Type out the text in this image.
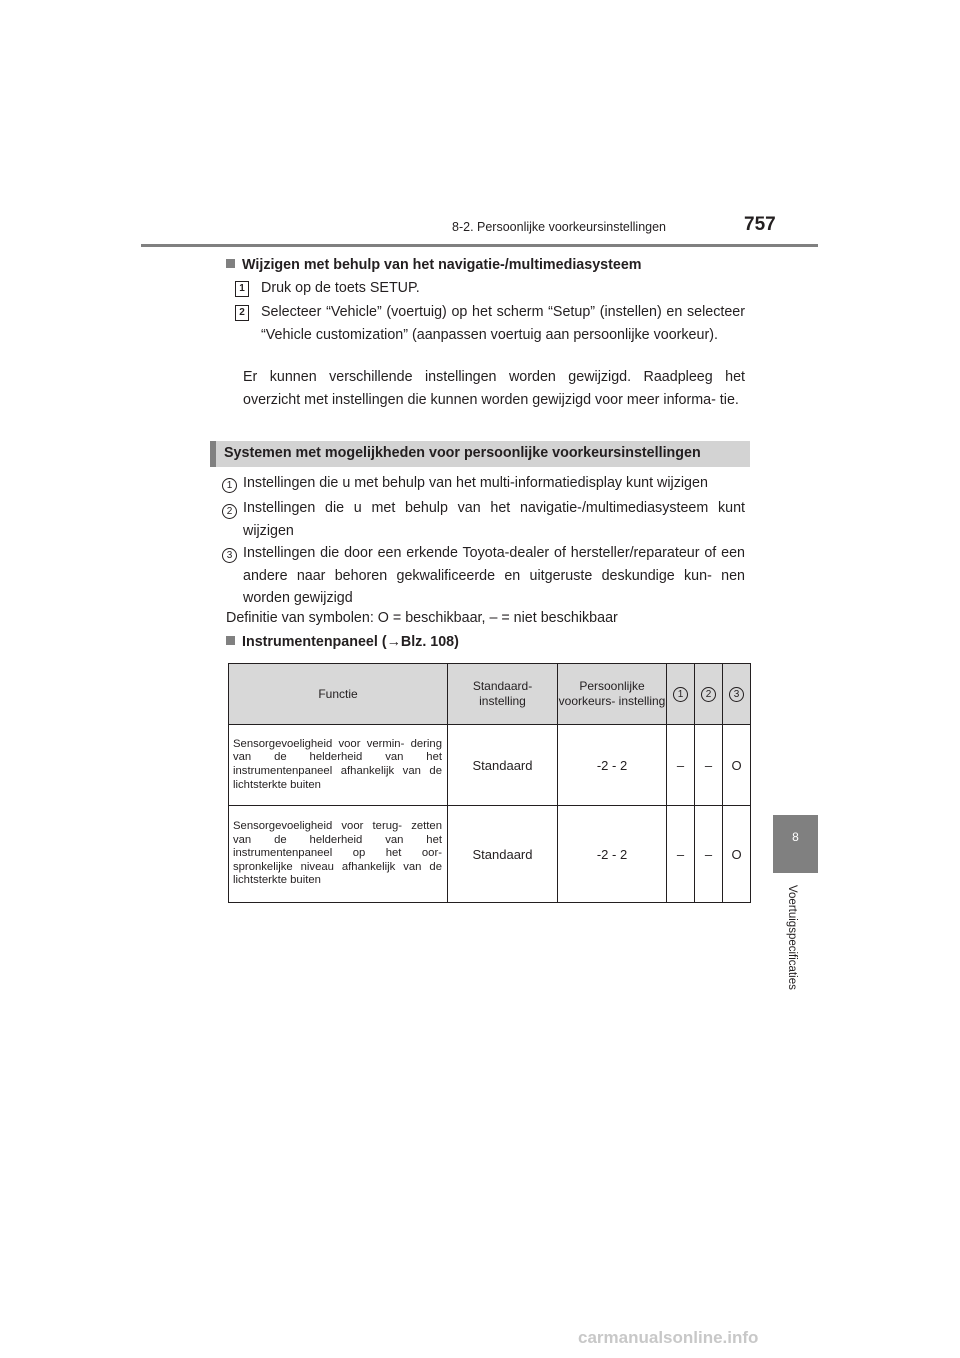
8-2. Persoonlijke voorkeursinstellingen	757
8
Voertuigspecificaties
Wijzigen met behulp van het navigatie-/multimediasysteem
1 Druk op de toets SETUP.
2 Selecteer “Vehicle” (voertuig) op het scherm “Setup” (instellen) en selecteer “Vehicle customization” (aanpassen voertuig aan persoonlijke voorkeur).
Er kunnen verschillende instellingen worden gewijzigd. Raadpleeg het overzicht met instellingen die kunnen worden gewijzigd voor meer informa- tie.
Systemen met mogelijkheden voor persoonlijke voorkeursinstellingen
1 Instellingen die u met behulp van het multi-informatiedisplay kunt wijzigen
2 Instellingen die u met behulp van het navigatie-/multimediasysteem kunt wijzigen
3 Instellingen die door een erkende Toyota-dealer of hersteller/reparateur of een andere naar behoren gekwalificeerde en uitgeruste deskundige kun- nen worden gewijzigd
Definitie van symbolen: O = beschikbaar, – = niet beschikbaar
Instrumentenpaneel (→Blz. 108)
Functie	Standaard- instelling	Persoonlijke voorkeurs- instelling	1	2	3
Sensorgevoeligheid voor vermin- dering van de helderheid van het instrumentenpaneel afhankelijk van de lichtsterkte buiten	Standaard	-2 - 2	–	–	O
Sensorgevoeligheid voor terug- zetten van de helderheid van het instrumentenpaneel op het oor- spronkelijke niveau afhankelijk van de lichtsterkte buiten	Standaard	-2 - 2	–	–	O
carmanualsonline.info
